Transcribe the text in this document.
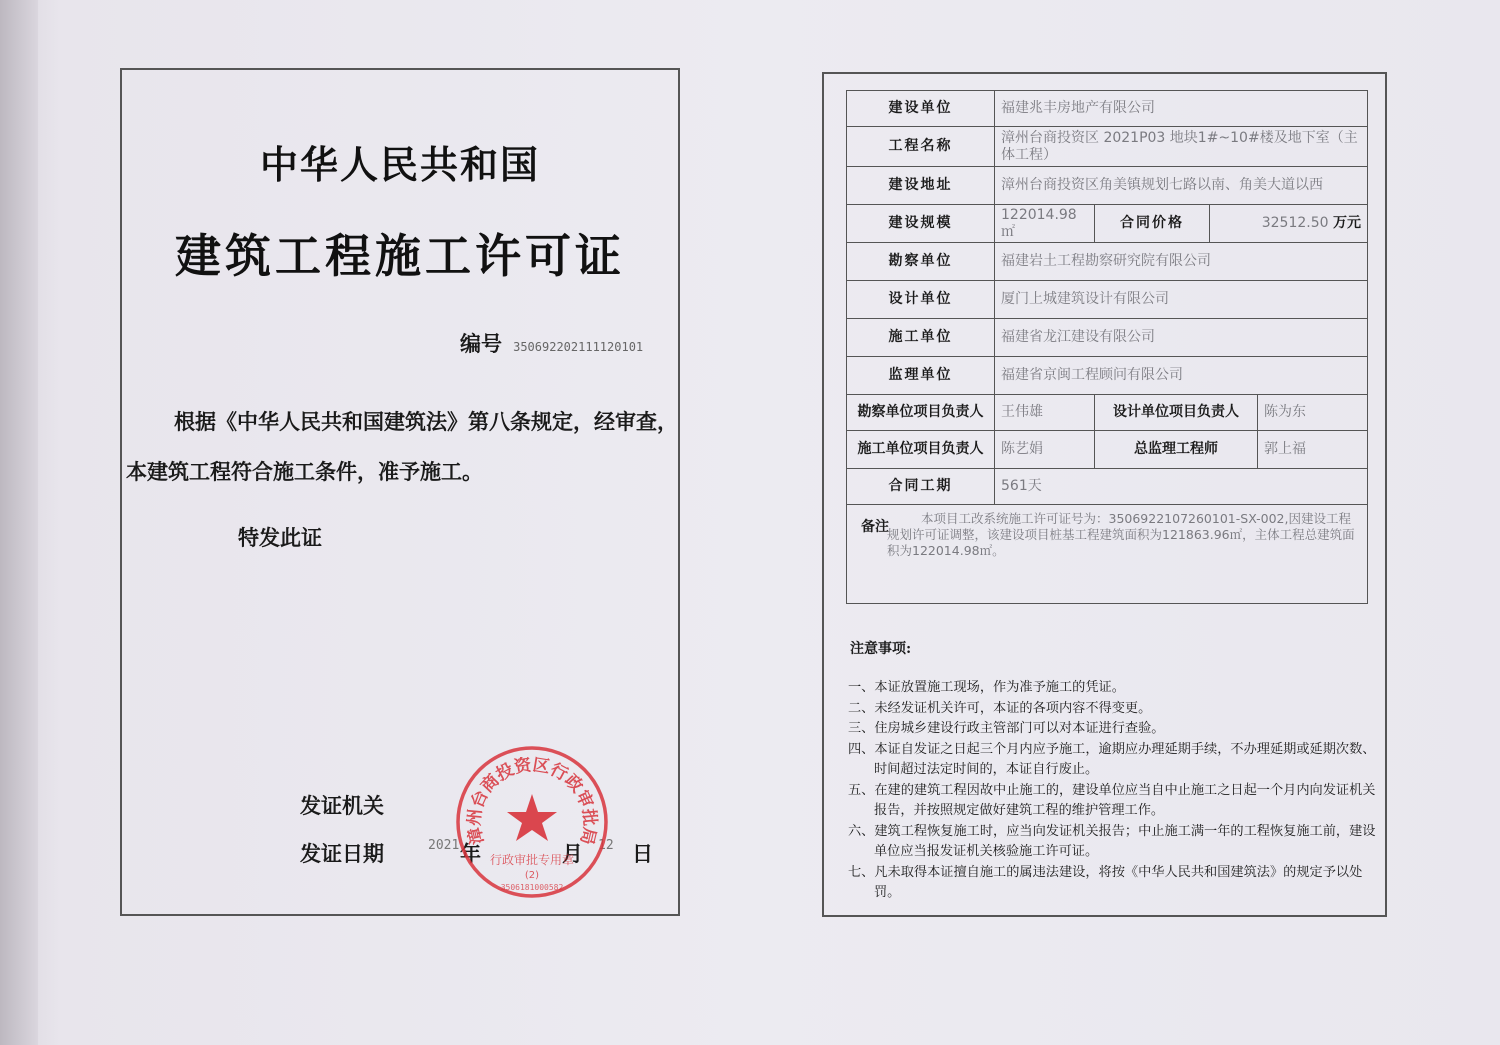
中华人民共和国
建筑工程施工许可证
编号 350692202111120101
根据《中华人民共和国建筑法》第八条规定，经审查，
本建筑工程符合施工条件，准予施工。
特发此证
发证机关
发证日期	2021 年	月 12 日
漳州台商投资区行政审批局
行政审批专用章
(2)
3506181000582
建设单位	福建兆丰房地产有限公司			
工程名称	漳州台商投资区 2021P03 地块1#~10#楼及地下室（主体工程）			
建设地址	漳州台商投资区角美镇规划七路以南、角美大道以西			
建设规模	122014.98㎡	合同价格	32512.50 万元	
勘察单位	福建岩土工程勘察研究院有限公司			
设计单位	厦门上城建筑设计有限公司			
施工单位	福建省龙江建设有限公司			
监理单位	福建省京闽工程顾问有限公司			
勘察单位项目负责人	王伟雄	设计单位项目负责人		陈为东
施工单位项目负责人	陈艺娟	总监理工程师		郭上福
合同工期	561天			

备注
本项目工改系统施工许可证号为：3506922107260101-SX-002,因建设工程规划许可证调整，该建设项目桩基工程建筑面积为121863.96㎡，主体工程总建筑面积为122014.98㎡。				
注意事项:
一、本证放置施工现场，作为准予施工的凭证。
二、未经发证机关许可，本证的各项内容不得变更。
三、住房城乡建设行政主管部门可以对本证进行查验。
四、本证自发证之日起三个月内应予施工，逾期应办理延期手续，不办理延期或延期次数、时间超过法定时间的，本证自行废止。
五、在建的建筑工程因故中止施工的，建设单位应当自中止施工之日起一个月内向发证机关报告，并按照规定做好建筑工程的维护管理工作。
六、建筑工程恢复施工时，应当向发证机关报告；中止施工满一年的工程恢复施工前，建设单位应当报发证机关核验施工许可证。
七、凡未取得本证擅自施工的属违法建设，将按《中华人民共和国建筑法》的规定予以处罚。
